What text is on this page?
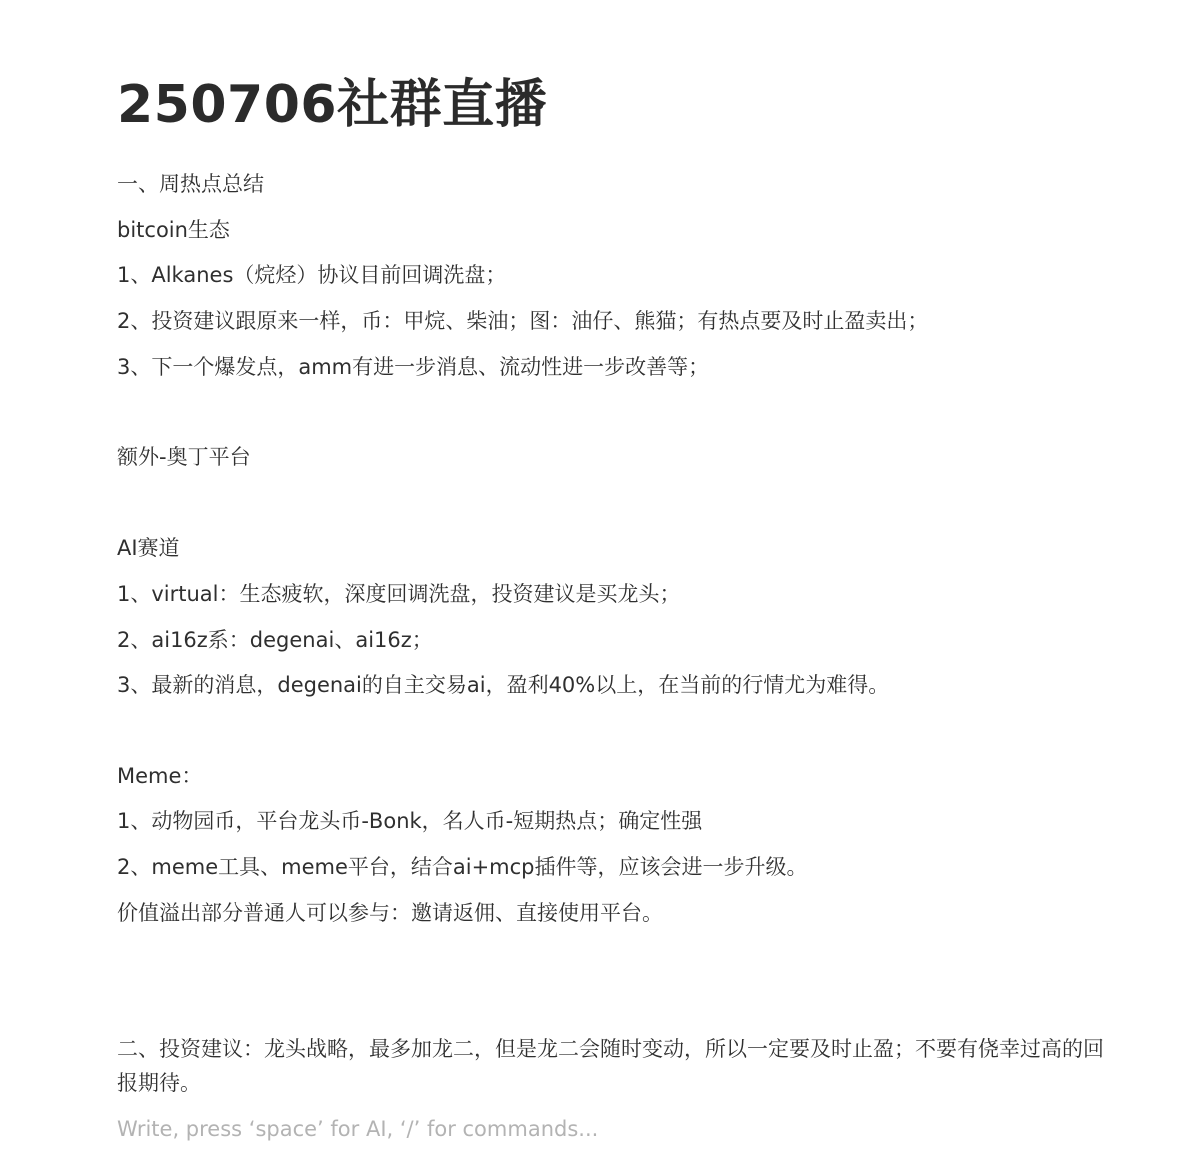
250706社群直播
一、周热点总结
bitcoin生态
1、Alkanes（烷烃）协议目前回调洗盘；
2、投资建议跟原来一样，币：甲烷、柴油；图：油仔、熊猫；有热点要及时止盈卖出；
3、下一个爆发点，amm有进一步消息、流动性进一步改善等；
额外-奥丁平台
AI赛道
1、virtual：生态疲软，深度回调洗盘，投资建议是买龙头；
2、ai16z系：degenai、ai16z；
3、最新的消息，degenai的自主交易ai，盈利40%以上，在当前的行情尤为难得。
Meme：
1、动物园币，平台龙头币-Bonk，名人币-短期热点；确定性强
2、meme工具、meme平台，结合ai+mcp插件等，应该会进一步升级。
价值溢出部分普通人可以参与：邀请返佣、直接使用平台。
二、投资建议：龙头战略，最多加龙二，但是龙二会随时变动，所以一定要及时止盈；不要有侥幸过高的回报期待。
Write, press ‘space’ for AI, ‘/’ for commands...
